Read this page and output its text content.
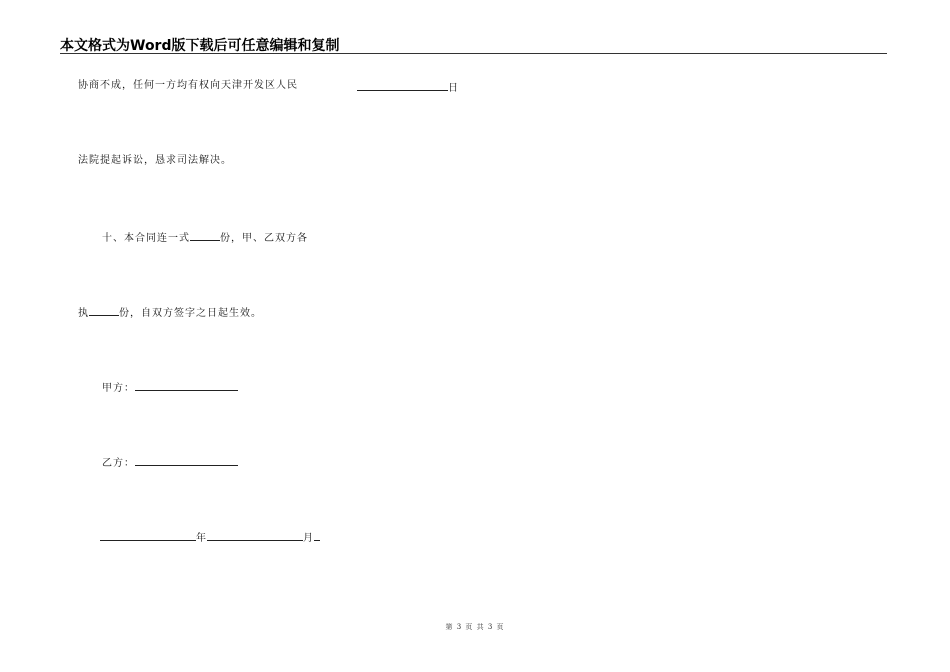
本文格式为Word版下载后可任意编辑和复制
协商不成，任何一方均有权向天津开发区人民	日
法院提起诉讼，恳求司法解决。
十、本合同连一式	份，甲、乙双方各
执	份，自双方签字之日起生效。
甲方：
乙方：
年	月
第 3 页 共 3 页
